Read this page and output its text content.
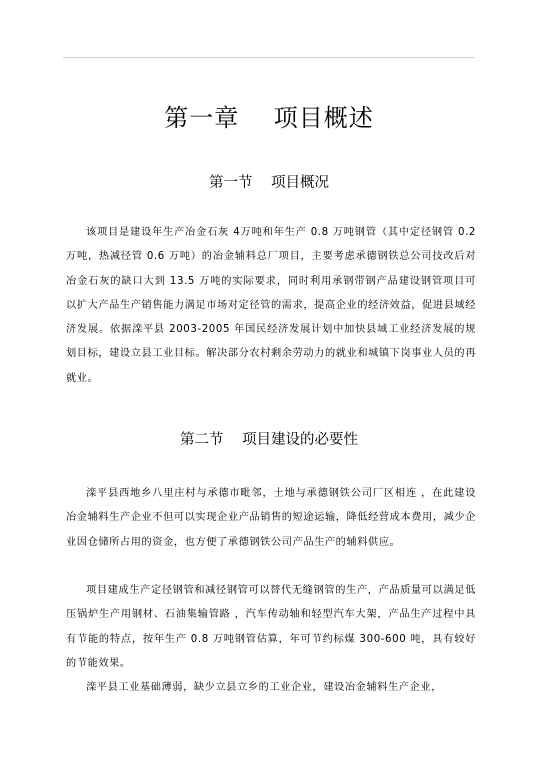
第一章    项目概述
第一节    项目概况

该项目是建设年生产冶金石灰 4万吨和年生产 0.8 万吨钢管（其中定径钢管 0.2 万吨，热减径管 0.6 万吨）的冶金辅料总厂项目，主要考虑承德钢铁总公司技改后对冶金石灰的缺口大到 13.5 万吨的实际要求，同时利用承钢带钢产品建设钢管项目可以扩大产品生产销售能力满足市场对定径管的需求，提高企业的经济效益，促进县域经济发展。依据滦平县 2003-2005 年国民经济发展计划中加快县域工业经济发展的规划目标，建设立县工业目标。解决部分农村剩余劳动力的就业和城镇下岗事业人员的再就业。

第二节    项目建设的必要性

滦平县西地乡八里庄村与承德市毗邻，土地与承德钢铁公司厂区相连 ，在此建设冶金辅料生产企业不但可以实现企业产品销售的短途运输，降低经营成本费用，减少企业因仓储所占用的资金，也方便了承德钢铁公司产品生产的辅料供应。

项目建成生产定径钢管和减径钢管可以替代无缝钢管的生产，产品质量可以满足低压锅炉生产用钢材、石油集输管路 ，汽车传动轴和轻型汽车大架，产品生产过程中具有节能的特点，按年生产 0.8 万吨钢管估算，年可节约标煤 300-600 吨，具有较好的节能效果。

滦平县工业基础薄弱，缺少立县立乡的工业企业，建设冶金辅料生产企业，
